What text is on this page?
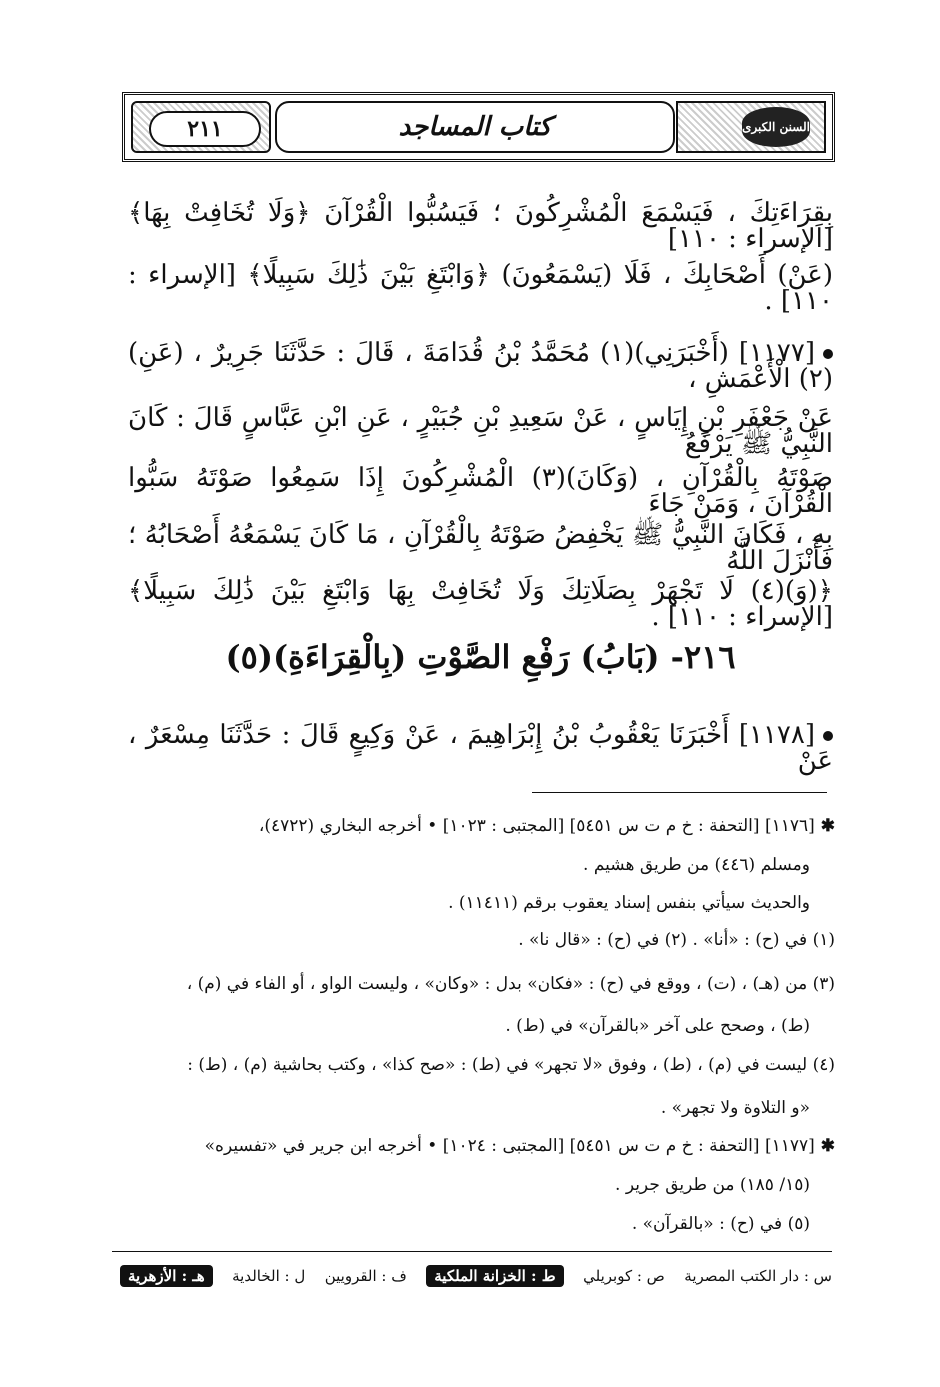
٢١١	كتاب المساجد	السنن الكبرى
بِقِرَاءَتِكَ ، فَيَسْمَعَ الْمُشْرِكُونَ ؛ فَيَسُبُّوا الْقُرْآنَ ﴿وَلَا تُخَافِتْ بِهَا﴾ [الإسراء : ١١٠]
(عَنْ) أَصْحَابِكَ ، فَلَا (يَسْمَعُونَ) ﴿وَابْتَغِ بَيْنَ ذَٰلِكَ سَبِيلًا﴾ [الإسراء : ١١٠] .
[١١٧٧] (أَخْبَرَنِي)(١) مُحَمَّدُ بْنُ قُدَامَةَ ، قَالَ : حَدَّثَنَا جَرِيرٌ ، (عَنِ)(٢) الْأَعْمَشِ ،
عَنْ جَعْفَرِ بْنِ إِيَاسٍ ، عَنْ سَعِيدِ بْنِ جُبَيْرٍ ، عَنِ ابْنِ عَبَّاسٍ قَالَ : كَانَ النَّبِيُّ ﷺ يَرْفَعُ
صَوْتَهُ بِالْقُرْآنِ ، (وَكَانَ)(٣) الْمُشْرِكُونَ إِذَا سَمِعُوا صَوْتَهُ سَبُّوا الْقُرْآنَ ، وَمَنْ جَاءَ
بِهِ ، فَكَانَ النَّبِيُّ ﷺ يَخْفِضُ صَوْتَهُ بِالْقُرْآنِ ، مَا كَانَ يَسْمَعُهُ أَصْحَابُهُ ؛ فَأَنْزَلَ اللَّهُ
﴿(وَ)(٤) لَا تَجْهَرْ بِصَلَاتِكَ وَلَا تُخَافِتْ بِهَا وَابْتَغِ بَيْنَ ذَٰلِكَ سَبِيلًا﴾ [الإسراء : ١١٠] .
٢١٦- (بَابُ) رَفْعِ الصَّوْتِ (بِالْقِرَاءَةِ)(٥)
[١١٧٨] أَخْبَرَنَا يَعْقُوبُ بْنُ إِبْرَاهِيمَ ، عَنْ وَكِيعٍ قَالَ : حَدَّثَنَا مِسْعَرٌ ، عَنْ
✱[١١٧٦] [التحفة : خ م ت س ٥٤٥١] [المجتبى : ١٠٢٣] • أخرجه البخاري (٤٧٢٢)،
ومسلم (٤٤٦) من طريق هشيم .
والحديث سيأتي بنفس إسناد يعقوب برقم (١١٤١١) .
(١) في (ح) : «أنا» . (٢) في (ح) : «قال نا» .
(٣) من (هـ) ، (ت) ، ووقع في (ح) : «فكان» بدل : «وكان» ، وليست الواو ، أو الفاء في (م) ،
(ط) ، وصحح على آخر «بالقرآن» في (ط) .
(٤) ليست في (م) ، (ط) ، وفوق «لا تجهر» في (ط) : «صح كذا» ، وكتب بحاشية (م) ، (ط) :
«و التلاوة ولا تجهر» .
✱[١١٧٧] [التحفة : خ م ت س ٥٤٥١] [المجتبى : ١٠٢٤] • أخرجه ابن جرير في «تفسيره»
(١٥/ ١٨٥) من طريق جرير .
(٥) في (ح) : «بالقرآن» .
س : دار الكتب المصرية
ص : كوبريلي
ط : الخزانة الملكية
ف : القرويين
ل : الخالدية
هـ : الأزهرية
